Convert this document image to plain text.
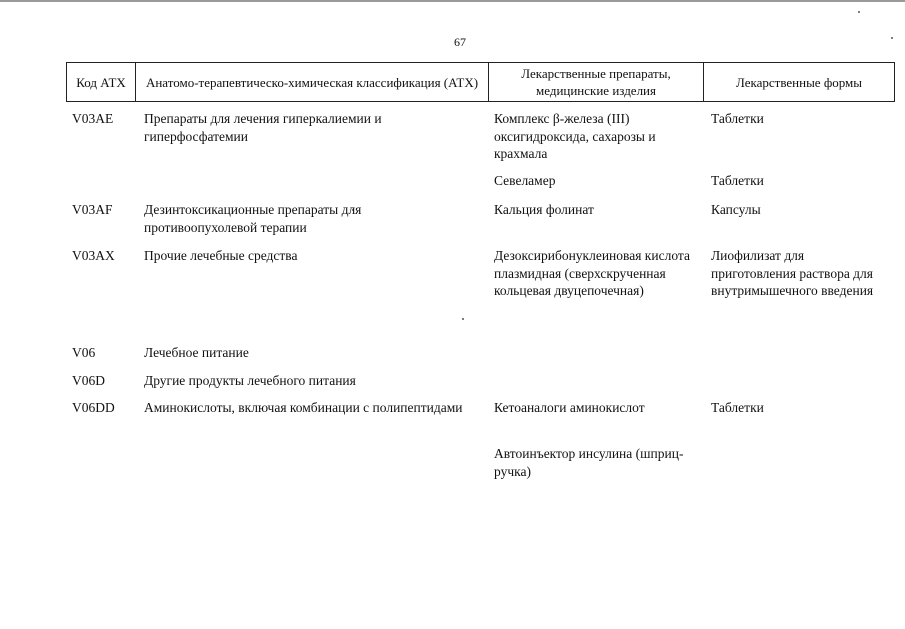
67
Код АТХ	Анатомо-терапевтическо-химическая классификация (АТХ)	Лекарственные препараты, медицинские изделия	Лекарственные формы
V03AE	Препараты для лечения гиперкалиемии и гиперфосфатемии	Комплекс β-железа (III) оксигидроксида, сахарозы и крахмала	Таблетки
		Севеламер	Таблетки
V03AF	Дезинтоксикационные препараты для противоопухолевой терапии	Кальция фолинат	Капсулы
V03AX	Прочие лечебные средства	Дезоксирибонуклеиновая кислота плазмидная (сверхскрученная кольцевая двуцепочечная)	Лиофилизат для приготовления раствора для внутримышечного введения
V06	Лечебное питание		
V06D	Другие продукты лечебного питания		
V06DD	Аминокислоты, включая комбинации с полипептидами	Кетоаналоги аминокислот	Таблетки
		Автоинъектор инсулина (шприц-ручка)	
